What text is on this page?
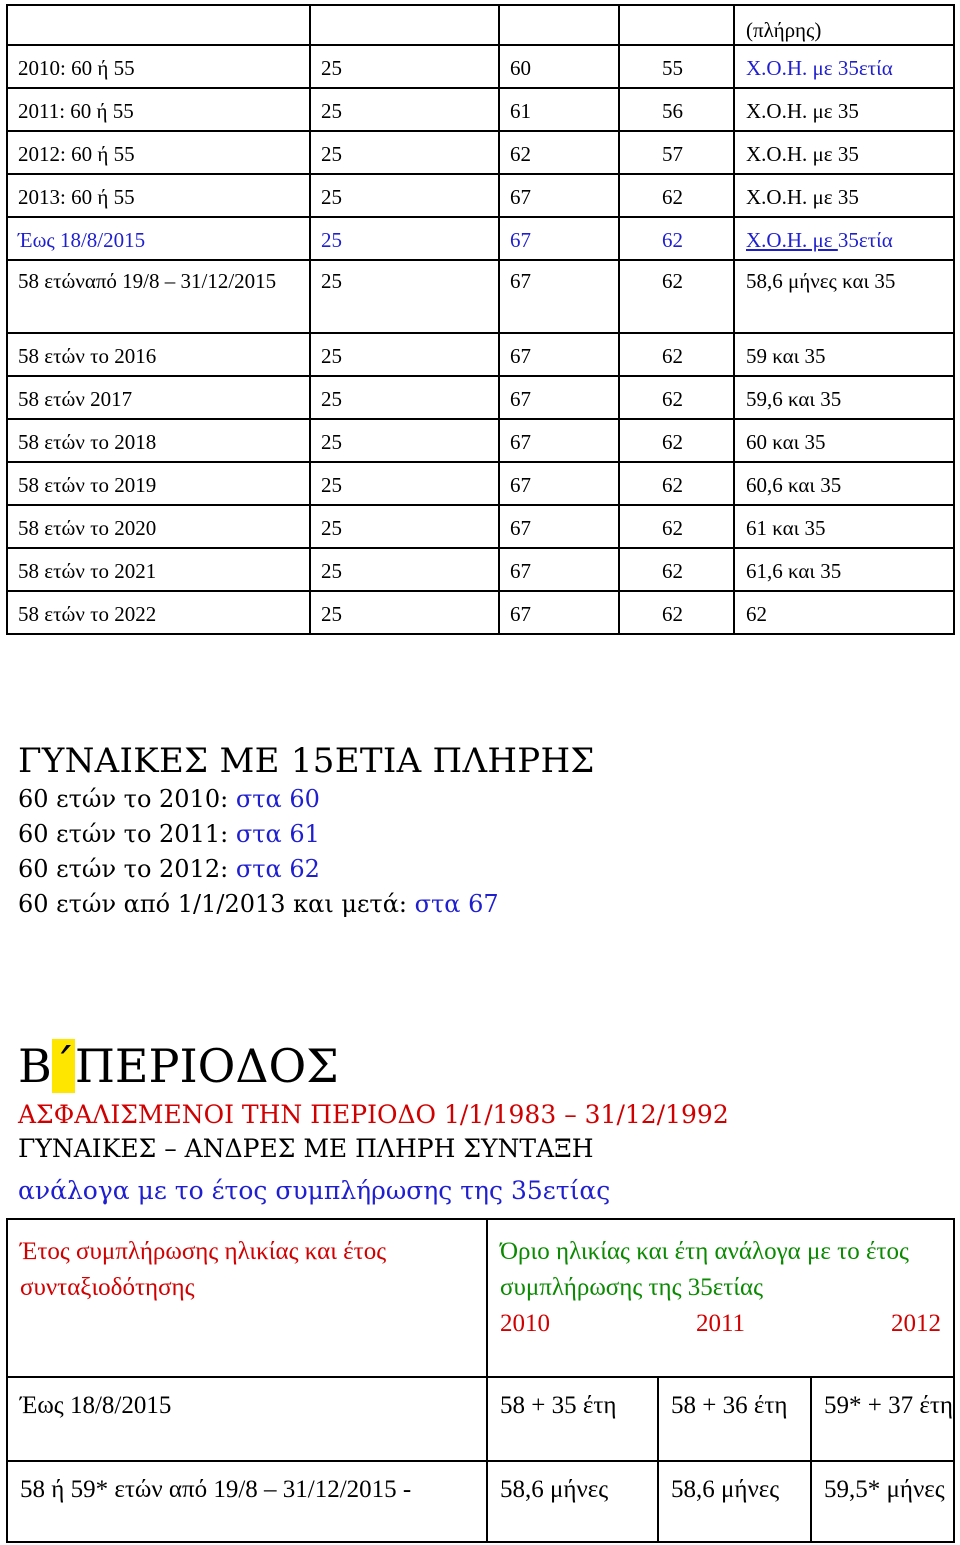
				(πλήρης)
2010: 60 ή 55	25	60	55	Χ.Ο.Η. με 35ετία
2011: 60 ή 55	25	61	56	Χ.Ο.Η. με 35
2012: 60 ή 55	25	62	57	Χ.Ο.Η. με 35
2013: 60 ή 55	25	67	62	Χ.Ο.Η. με 35
Έως 18/8/2015	25	67	62	Χ.Ο.Η. με 35ετία
58 ετώναπό 19/8 – 31/12/2015	25	67	62	58,6 μήνες και 35
58 ετών το 2016	25	67	62	59 και 35
58 ετών 2017	25	67	62	59,6 και 35
58 ετών το 2018	25	67	62	60 και 35
58 ετών το 2019	25	67	62	60,6 και 35
58 ετών το 2020	25	67	62	61 και 35
58 ετών το 2021	25	67	62	61,6 και 35
58 ετών το 2022	25	67	62	62
ΓΥΝΑΙΚΕΣ ΜΕ 15ΕΤΙΑ ΠΛΗΡΗΣ
60 ετών το 2010: στα 60
60 ετών το 2011: στα 61
60 ετών το 2012: στα 62
60 ετών από 1/1/2013 και μετά: στα 67
Β΄ΠΕΡΙΟΔΟΣ
ΑΣΦΑΛΙΣΜΕΝΟΙ ΤΗΝ ΠΕΡΙΟΔΟ 1/1/1983 – 31/12/1992
ΓΥΝΑΙΚΕΣ – ΑΝΔΡΕΣ ΜΕ ΠΛΗΡΗ ΣΥΝΤΑΞΗ
ανάλογα με το έτος συμπλήρωσης της 35ετίας
Έτος συμπλήρωσης ηλικίας και έτος συνταξιοδότησης	Όριο ηλικίας και έτη ανάλογα με το έτος συμπλήρωσης της 35ετίας
2010 2011 2012		

Έως 18/8/2015	58 + 35 έτη	58 + 36 έτη	59* + 37 έτη
58 ή 59* ετών από 19/8 – 31/12/2015 -	58,6 μήνες	58,6 μήνες	59,5* μήνες
